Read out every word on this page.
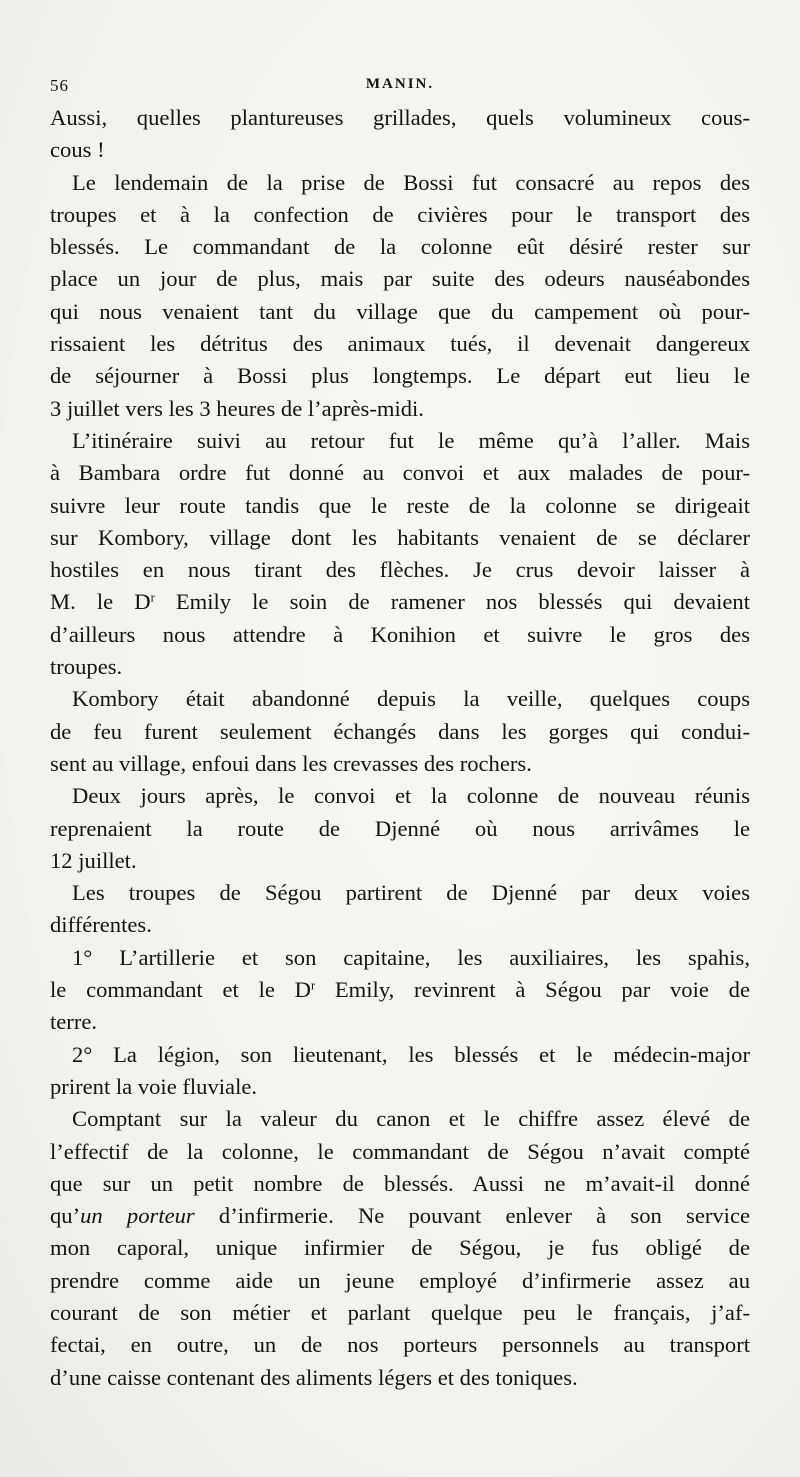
56	MANIN.
Aussi, quelles plantureuses grillades, quels volumineux cous-
cous !
Le lendemain de la prise de Bossi fut consacré au repos des
troupes et à la confection de civières pour le transport des
blessés. Le commandant de la colonne eût désiré rester sur
place un jour de plus, mais par suite des odeurs nauséabondes
qui nous venaient tant du village que du campement où pour-
rissaient les détritus des animaux tués, il devenait dangereux
de séjourner à Bossi plus longtemps. Le départ eut lieu le
3 juillet vers les 3 heures de l’après-midi.
L’itinéraire suivi au retour fut le même qu’à l’aller. Mais
à Bambara ordre fut donné au convoi et aux malades de pour-
suivre leur route tandis que le reste de la colonne se dirigeait
sur Kombory, village dont les habitants venaient de se déclarer
hostiles en nous tirant des flèches. Je crus devoir laisser à
M. le $D^r$ Emily le soin de ramener nos blessés qui devaient
d’ailleurs nous attendre à Konihion et suivre le gros des
troupes.
Kombory était abandonné depuis la veille, quelques coups
de feu furent seulement échangés dans les gorges qui condui-
sent au village, enfoui dans les crevasses des rochers.
Deux jours après, le convoi et la colonne de nouveau réunis
reprenaient la route de Djenné où nous arrivâmes le
12 juillet.
Les troupes de Ségou partirent de Djenné par deux voies
différentes.
1° L’artillerie et son capitaine, les auxiliaires, les spahis,
le commandant et le $D^r$ Emily, revinrent à Ségou par voie de
terre.
2° La légion, son lieutenant, les blessés et le médecin-major
prirent la voie fluviale.
Comptant sur la valeur du canon et le chiffre assez élevé de
l’effectif de la colonne, le commandant de Ségou n’avait compté
que sur un petit nombre de blessés. Aussi ne m’avait-il donné
qu’un porteur d’infirmerie. Ne pouvant enlever à son service
mon caporal, unique infirmier de Ségou, je fus obligé de
prendre comme aide un jeune employé d’infirmerie assez au
courant de son métier et parlant quelque peu le français, j’af-
fectai, en outre, un de nos porteurs personnels au transport
d’une caisse contenant des aliments légers et des toniques.
